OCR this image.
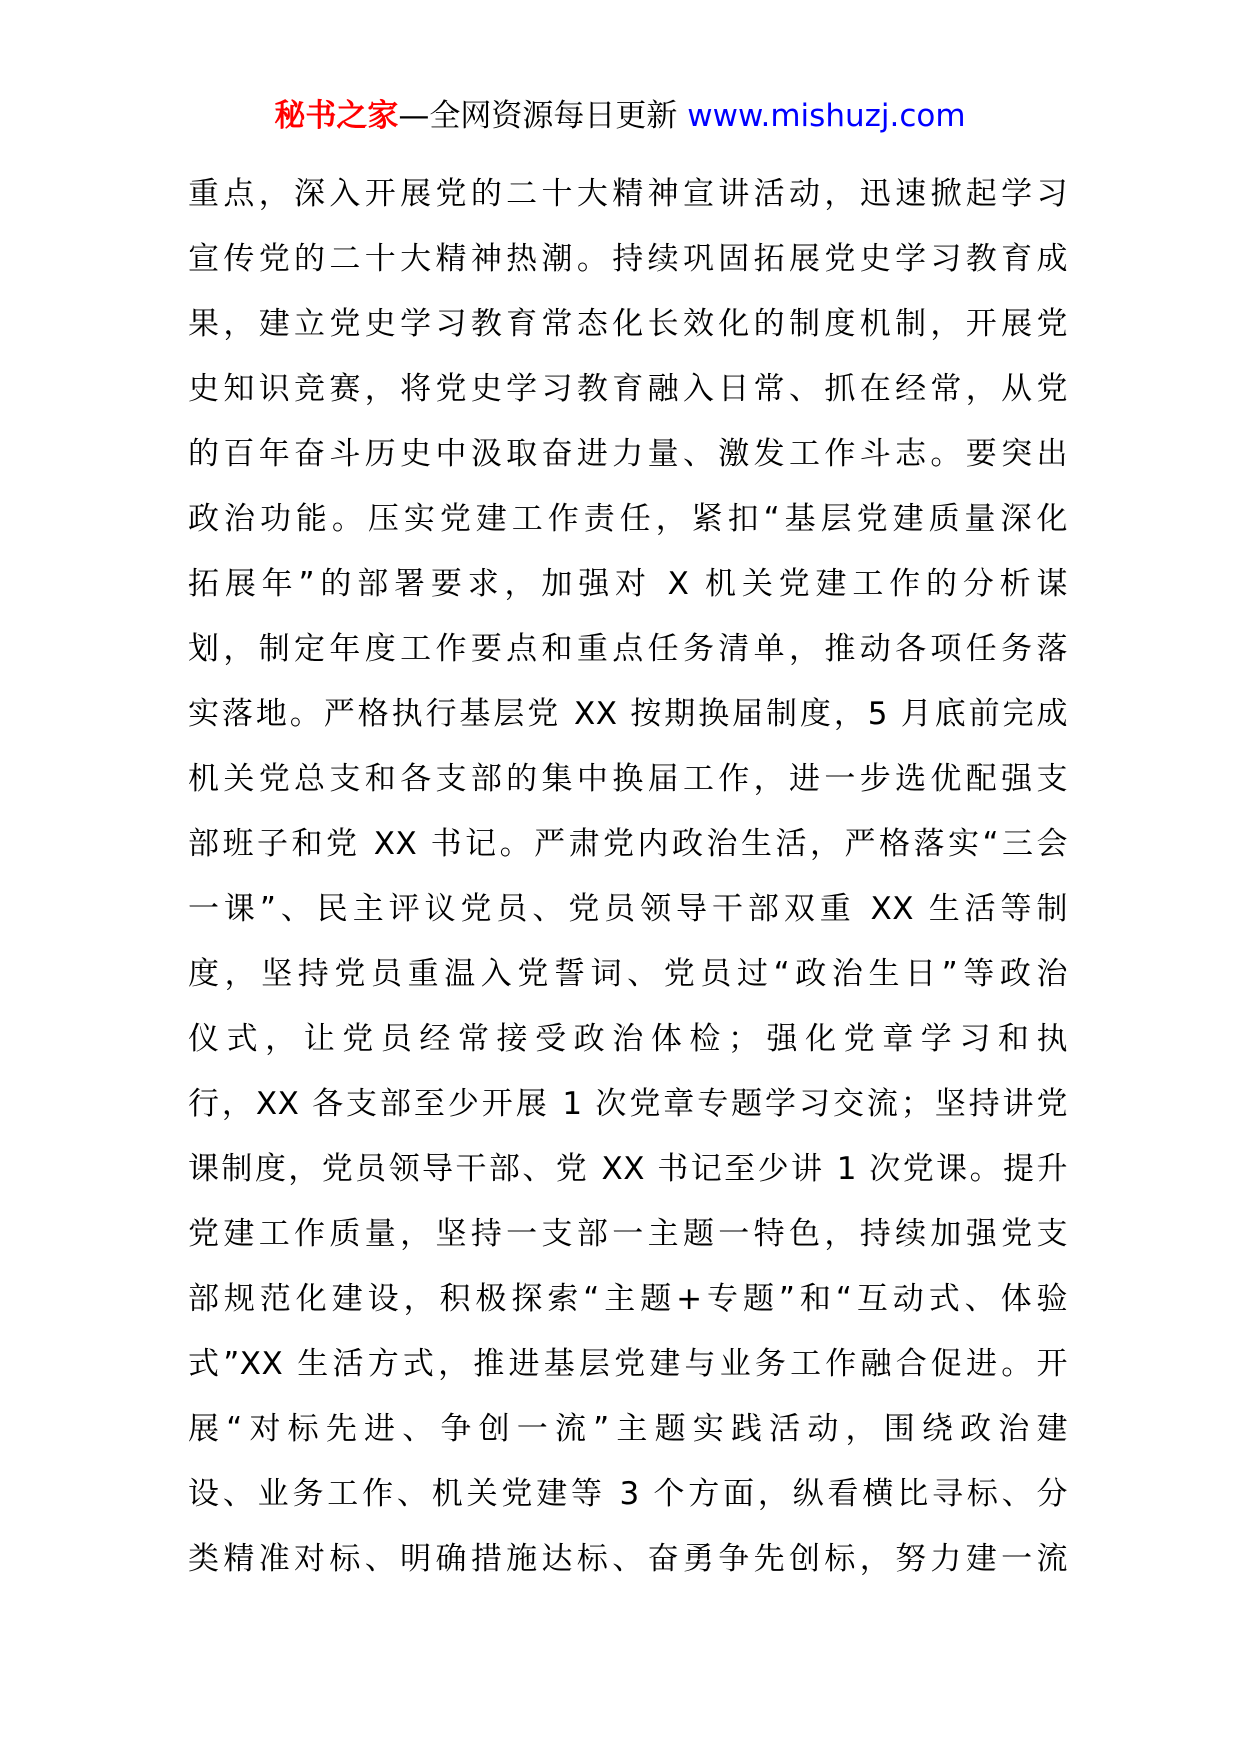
秘书之家—全网资源每日更新 www.mishuzj.com
重点，深入开展党的二十大精神宣讲活动，迅速掀起学习
宣传党的二十大精神热潮。持续巩固拓展党史学习教育成
果，建立党史学习教育常态化长效化的制度机制，开展党
史知识竞赛，将党史学习教育融入日常、抓在经常，从党
的百年奋斗历史中汲取奋进力量、激发工作斗志。要突出
政治功能。压实党建工作责任，紧扣“基层党建质量深化
拓展年”的部署要求，加强对 X 机关党建工作的分析谋
划，制定年度工作要点和重点任务清单，推动各项任务落
实落地。严格执行基层党 XX 按期换届制度，5 月底前完成
机关党总支和各支部的集中换届工作，进一步选优配强支
部班子和党 XX 书记。严肃党内政治生活，严格落实“三会
一课”、民主评议党员、党员领导干部双重 XX 生活等制
度，坚持党员重温入党誓词、党员过“政治生日”等政治
仪式，让党员经常接受政治体检；强化党章学习和执
行，XX 各支部至少开展 1 次党章专题学习交流；坚持讲党
课制度，党员领导干部、党 XX 书记至少讲 1 次党课。提升
党建工作质量，坚持一支部一主题一特色，持续加强党支
部规范化建设，积极探索“主题+专题”和“互动式、体验
式”XX 生活方式，推进基层党建与业务工作融合促进。开
展“对标先进、争创一流”主题实践活动，围绕政治建
设、业务工作、机关党建等 3 个方面，纵看横比寻标、分
类精准对标、明确措施达标、奋勇争先创标，努力建一流
